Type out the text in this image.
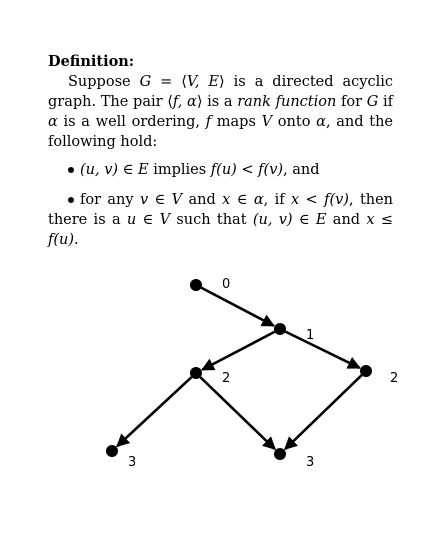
Definition:

Suppose G = ⟨V, E⟩ is a directed acyclic graph. The pair ⟨f, α⟩ is a rank function for G if α is a well ordering, f maps V onto α, and the following hold:

(u, v) ∈ E implies f(u) < f(v), and
for any v ∈ V and x ∈ α, if x < f(v), then there is a u ∈ V such that (u, v) ∈ E and x ≤ f(u).
0
1
2	2
3	3
